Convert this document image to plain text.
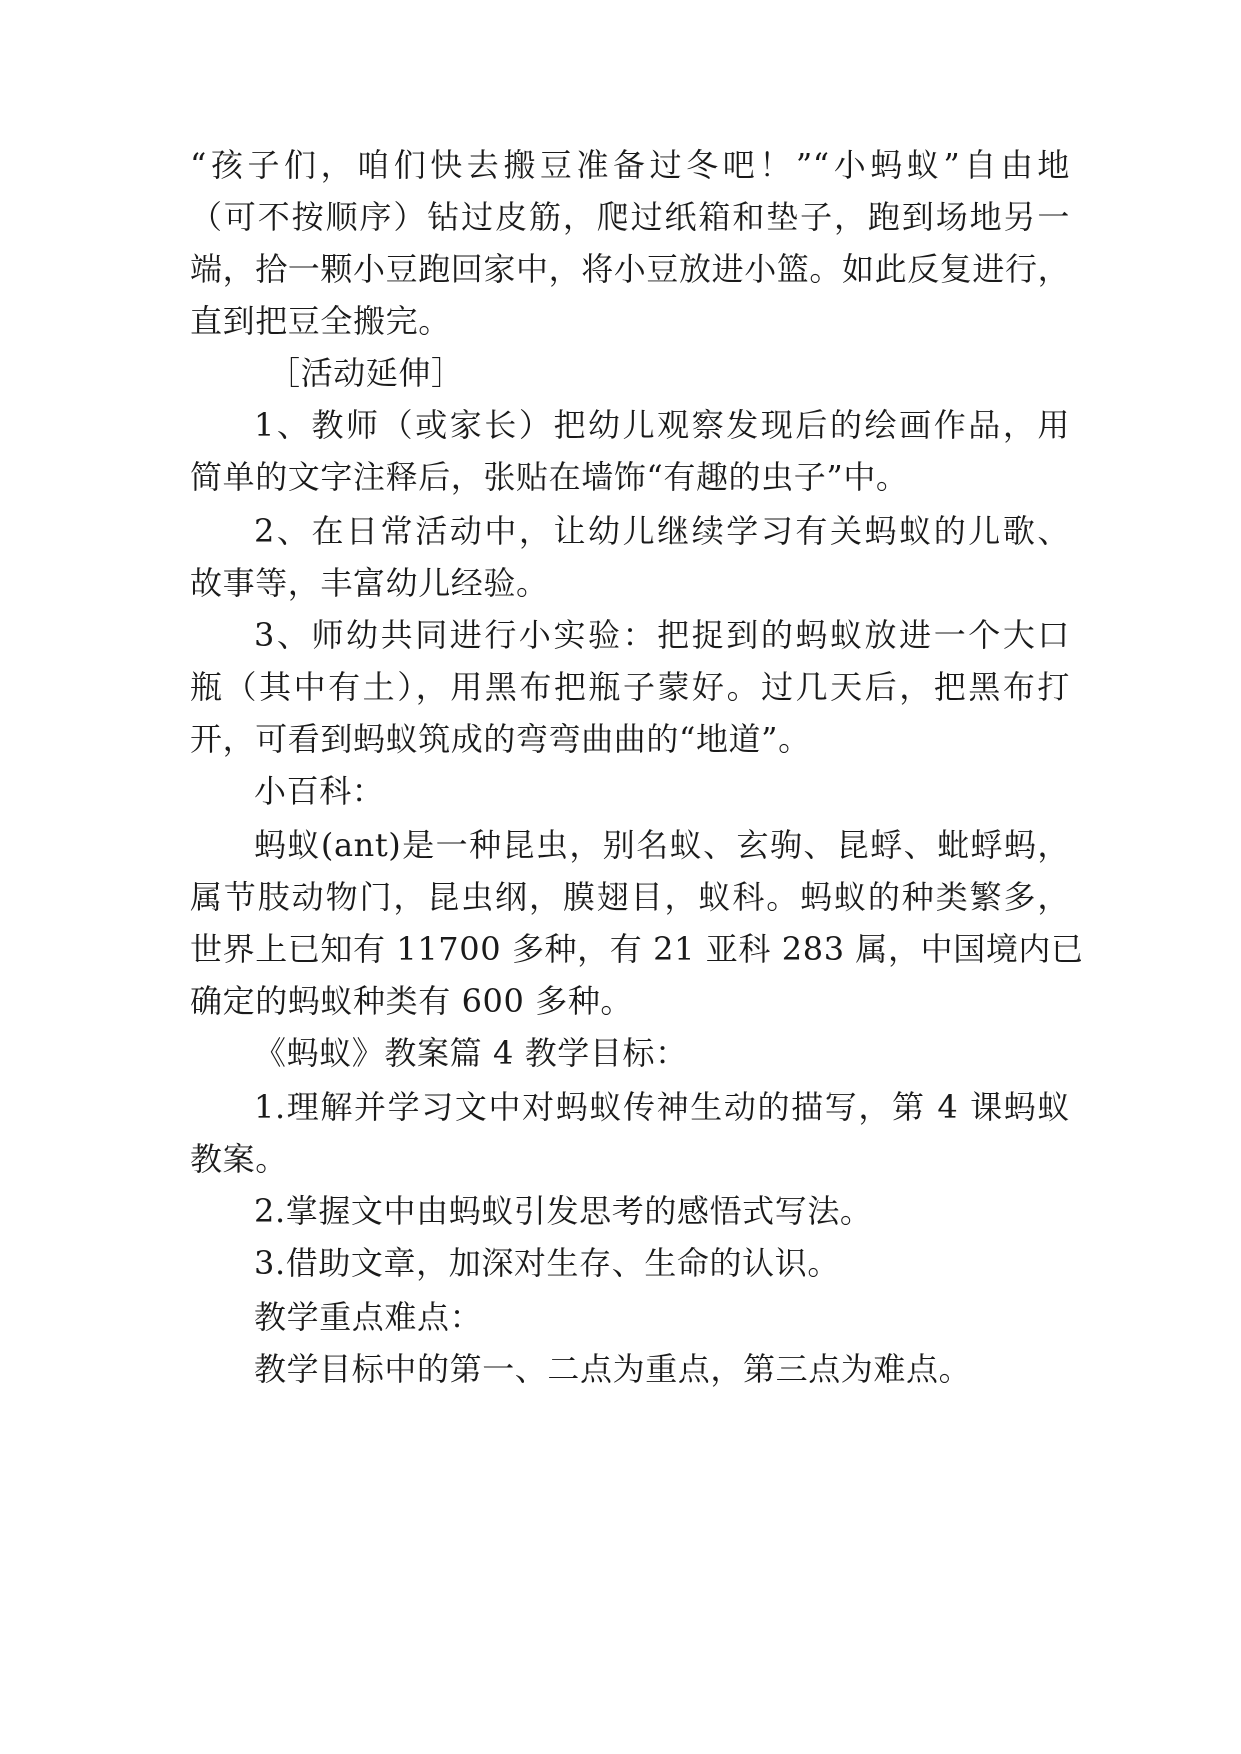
“孩子们，咱们快去搬豆准备过冬吧！”“小蚂蚁”自由地
（可不按顺序）钻过皮筋，爬过纸箱和垫子，跑到场地另一
端，拾一颗小豆跑回家中，将小豆放进小篮。如此反复进行，
直到把豆全搬完。
［活动延伸］
1、教师（或家长）把幼儿观察发现后的绘画作品，用
简单的文字注释后，张贴在墙饰“有趣的虫子”中。
2、在日常活动中，让幼儿继续学习有关蚂蚁的儿歌、
故事等，丰富幼儿经验。
3、师幼共同进行小实验：把捉到的蚂蚁放进一个大口
瓶（其中有土），用黑布把瓶子蒙好。过几天后，把黑布打
开，可看到蚂蚁筑成的弯弯曲曲的“地道”。
小百科：
蚂蚁(ant)是一种昆虫，别名蚁、玄驹、昆蜉、蚍蜉蚂，
属节肢动物门，昆虫纲，膜翅目，蚁科。蚂蚁的种类繁多，
世界上已知有 11700 多种，有 21 亚科 283 属，中国境内已
确定的蚂蚁种类有 600 多种。
《蚂蚁》教案篇 4 教学目标：
1.理解并学习文中对蚂蚁传神生动的描写，第 4 课蚂蚁
教案。
2.掌握文中由蚂蚁引发思考的感悟式写法。
3.借助文章，加深对生存、生命的认识。
教学重点难点：
教学目标中的第一、二点为重点，第三点为难点。
